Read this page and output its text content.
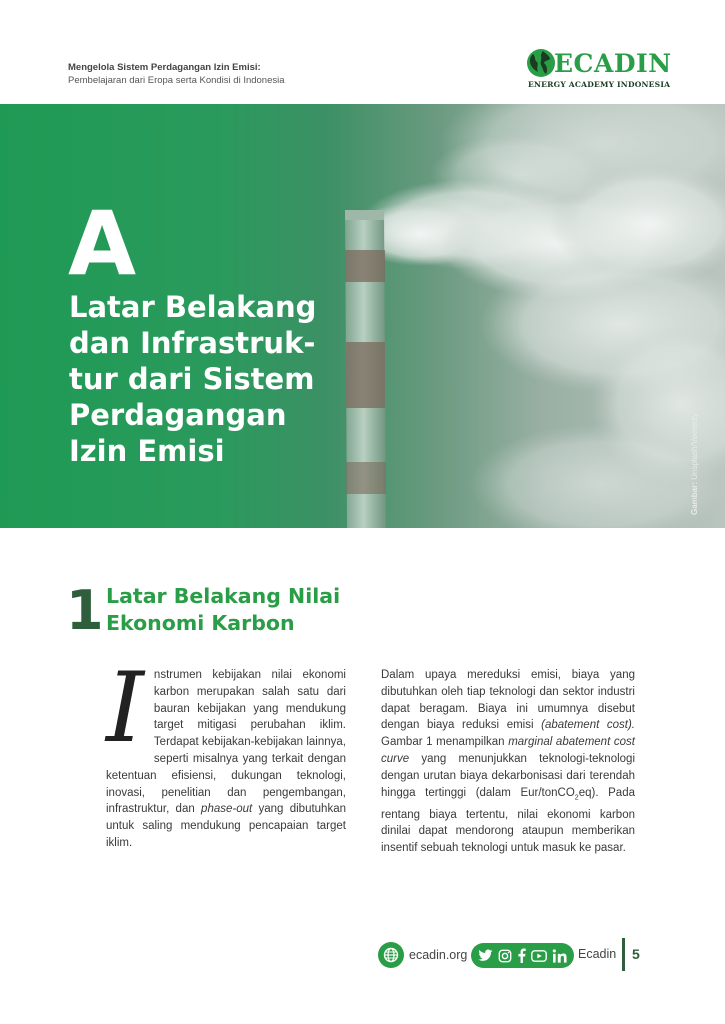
Mengelola Sistem Perdagangan Izin Emisi:
Pembelajaran dari Eropa serta Kondisi di Indonesia
ECADIN
ENERGY ACADEMY INDONESIA
A
Latar Belakang
dan Infrastruk-
tur dari Sistem
Perdagangan
Izin Emisi
Gambar: Unsplash/Veeterzy
1 Latar Belakang Nilai
Ekonomi Karbon
Instrumen kebijakan nilai ekonomi karbon merupakan salah satu dari bauran kebijakan yang mendukung target mitigasi perubahan iklim. Terdapat kebijakan-kebijakan lainnya, seperti misalnya yang terkait dengan ketentuan efisiensi, dukungan teknologi, inovasi, penelitian dan pengembangan, infrastruktur, dan phase-out yang dibutuhkan untuk saling mendukung pencapaian target iklim.
Dalam upaya mereduksi emisi, biaya yang dibutuhkan oleh tiap teknologi dan sektor industri dapat beragam. Biaya ini umumnya disebut dengan biaya reduksi emisi (abatement cost). Gambar 1 menampilkan marginal abatement cost curve yang menunjukkan teknologi-teknologi dengan urutan biaya dekarbonisasi dari terendah hingga tertinggi (dalam Eur/tonCO$_2$eq). Pada rentang biaya tertentu, nilai ekonomi karbon dinilai dapat mendorong ataupun memberikan insentif sebuah teknologi untuk masuk ke pasar.
ecadin.org	Ecadin 5
